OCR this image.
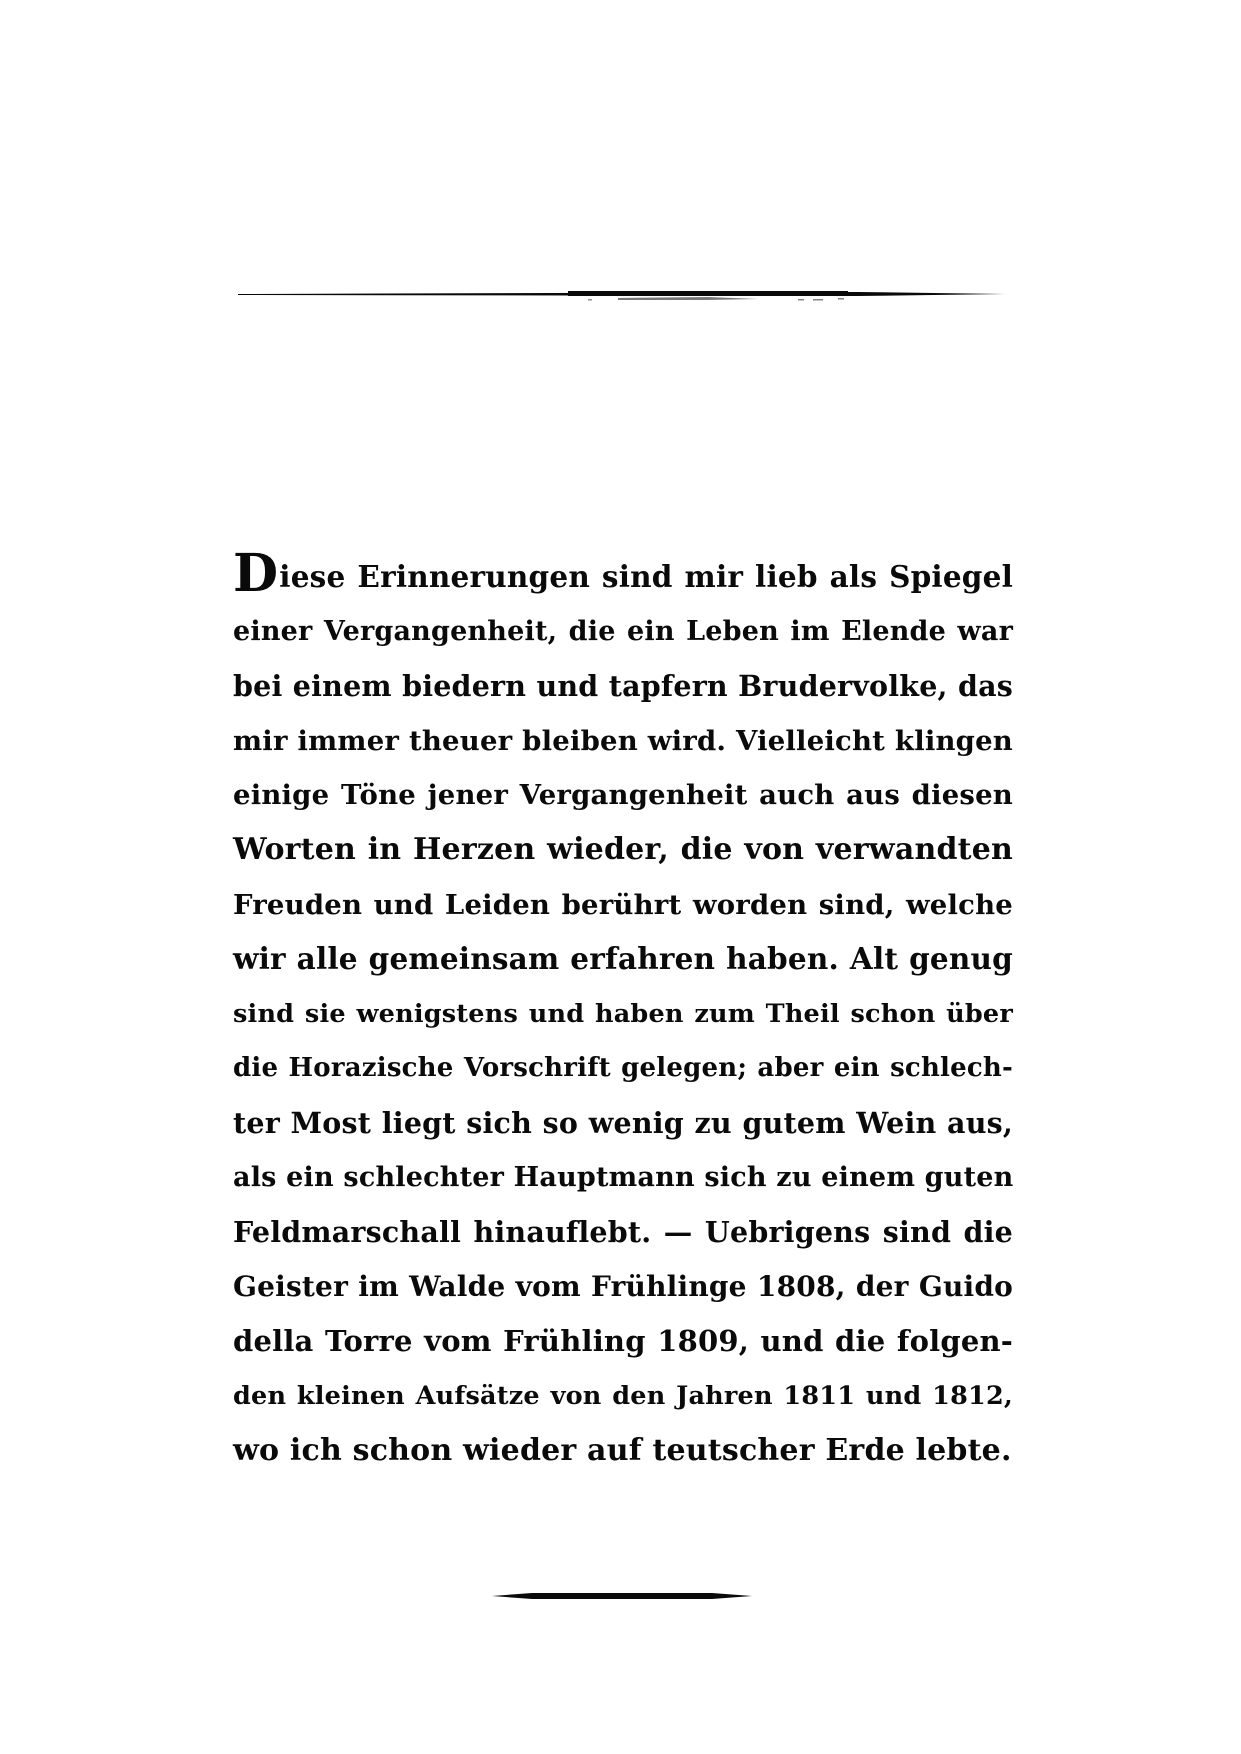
Diese Erinnerungen sind mir lieb als Spiegel
einer Vergangenheit, die ein Leben im Elende war
bei einem biedern und tapfern Brudervolke, das
mir immer theuer bleiben wird. Vielleicht klingen
einige Töne jener Vergangenheit auch aus diesen
Worten in Herzen wieder, die von verwandten
Freuden und Leiden berührt worden sind, welche
wir alle gemeinsam erfahren haben. Alt genug
sind sie wenigstens und haben zum Theil schon über
die Horazische Vorschrift gelegen; aber ein schlech-
ter Most liegt sich so wenig zu gutem Wein aus,
als ein schlechter Hauptmann sich zu einem guten
Feldmarschall hinauflebt. — Uebrigens sind die
Geister im Walde vom Frühlinge 1808, der Guido
della Torre vom Frühling 1809, und die folgen-
den kleinen Aufsätze von den Jahren 1811 und 1812,
wo ich schon wieder auf teutscher Erde lebte.
